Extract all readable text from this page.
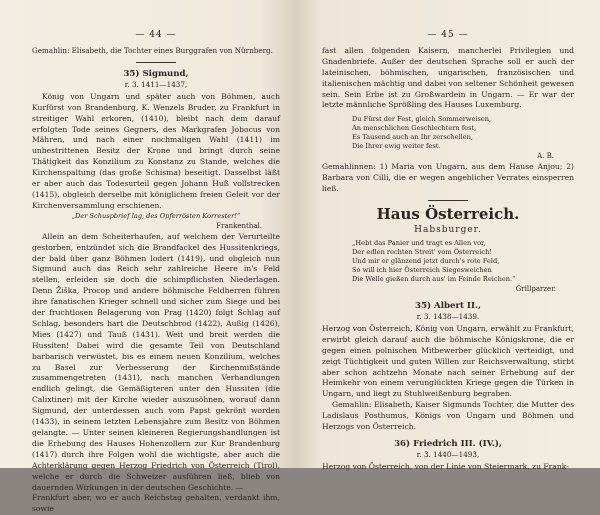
— 44 —

Gemahlin: Elisabeth, die Tochter eines Burggrafen von Nürnberg.

35) Sigmund,
r. 3. 1411—1437,

König von Ungarn und später auch von Böhmen, auch Kurfürst von Brandenburg, K. Wenzels Bruder, zu Frankfurt in streitiger Wahl erkoren, (1410), bleibt nach dem darauf erfolgten Tode seines Gegners, des Markgrafen Jobocus von Mähren, und nach einer nochmaligen Wahl (1411) im unbestrittenen Besitz der Krone und bringt durch seine Thätigkeit das Konzilium zu Konstanz zu Stande, welches die Kirchenspaltung (das große Schisma) beseitigt. Dasselbst läßt er aber auch das Todesurteil gegen Johann Huß vollstrecken (1415), obgleich derselbe mit königlichem freien Geleit vor der Kirchenversammlung erschienen.

„Der Schuspbrief lag, des Opferrösten Korrester!“
Frankenthal.

Allein an dem Scheiterhaufen, auf welchem der Verurteilte gestorben, entzündet sich die Brandfackel des Hussitenkriegs, der bald über ganz Böhmen lodert (1419), und obgleich nun Sigmund auch das Reich sehr zahlreiche Heere in's Feld stellen, erleiden sie doch die schimpflichsten Niederlagen. Denn Žiška, Procop und andere böhmische Feldherren führen ihre fanatischen Krieger schnell und sicher zum Siege und bei der fruchtlosen Belagerung von Prag (1420) folgt Schlag auf Schlag, besonders hart die Deutschbrod (1422), Außig (1426), Mies (1427) und Tauß (1431). Weit und breit werden die Hussiten! Dabei wird die gesamte Teil von Deutschland barbarisch verwüstet, bis es einem neuen Konzilium, welches zu Basel zur Verbesserung der Kirchenmißstände zusammengetreten (1431), nach manchen Verhandlungen endlich gelingt, die Gemäßigteren unter den Hussiten (die Calixtiner) mit der Kirche wieder auszusöhnen, worauf dann Sigmund, der unterdessen auch vom Papst gekrönt worden (1433), in seinem letzten Lebensjahre zum Besitz von Böhmen gelangte. — Unter seinen kleineren Regierungshandlungen ist die Erhebung des Hauses Hohenzollern zur Kur Brandenburg (1417) durch ihre Folgen wohl die wichtigste, aber auch die Achterklärung gegen Herzog Friedrich von Österreich (Tirol), welche er durch die Schweizer ausführen ließ, blieb von dauernden Wirkungen in der deutschen Geschichte. —

Frankfurt aber, wo er auch Reichstag gehalten, verdankt ihm, sowie

— 45 —

fast allen folgenden Kaisern, mancherlei Privilegien und Gnadenbriefe. Außer der deutschen Sprache soll er auch der lateinischen, böhmischen, ungarischen, französischen und italienischen mächtig und dabei von seltener Schönheit gewesen sein. Sein Erbe ist zu Großwardein in Ungarn. — Er war der letzte männliche Sprößling des Hauses Luxemburg.

Du Fürst der Fest, gleich Sommerweisen,
An menschlichen Geschlechtern fest,
Es Tausend auch an Ihr zerschellen,
Die Ihrer ewig weiter fest.
A. B.

Gemahlinnen: 1) Maria von Ungarn, aus dem Hause Anjou; 2) Barbara von Cilli, die er wegen angeblicher Verrates einsperren ließ.

Haus Österreich.
Habsburger.
„Hebt das Panier und tragt es Allen vor,
Der edlen rechten Streit' vom Österreich!
Und mir er glänzend jetzt durch's rote Feld,
So will ich hier Österreich Siegesweichen
Die Welle gießen durch aus' im Feinde Reichen.“
Grillparzer.
35) Albert II.,
r. 3. 1438—1439.

Herzog von Österreich, König von Ungarn, erwählt zu Frankfurt, erwirbt gleich darauf auch die böhmische Königskrone, die er gegen einen polnischen Mitbewerber glücklich verteidigt, und zeigt Tüchtigkeit und guten Willen zur Reichsverwaltung, stirbt aber schon achtzehn Monate nach seiner Erhebung auf der Heimkehr von einem verunglückten Kriege gegen die Türken in Ungarn, und liegt zu Stuhlweißenburg begraben.

Gemahlin: Elisabeth, Kaiser Sigmunds Tochter, die Mutter des Ladislaus Posthumus, Königs von Ungarn und Böhmen und Herzogs von Österreich.

36) Friedrich III. (IV.),
r. 3. 1440—1493,

Herzog von Österreich, von der Linie von Steiermark, zu Frank-
